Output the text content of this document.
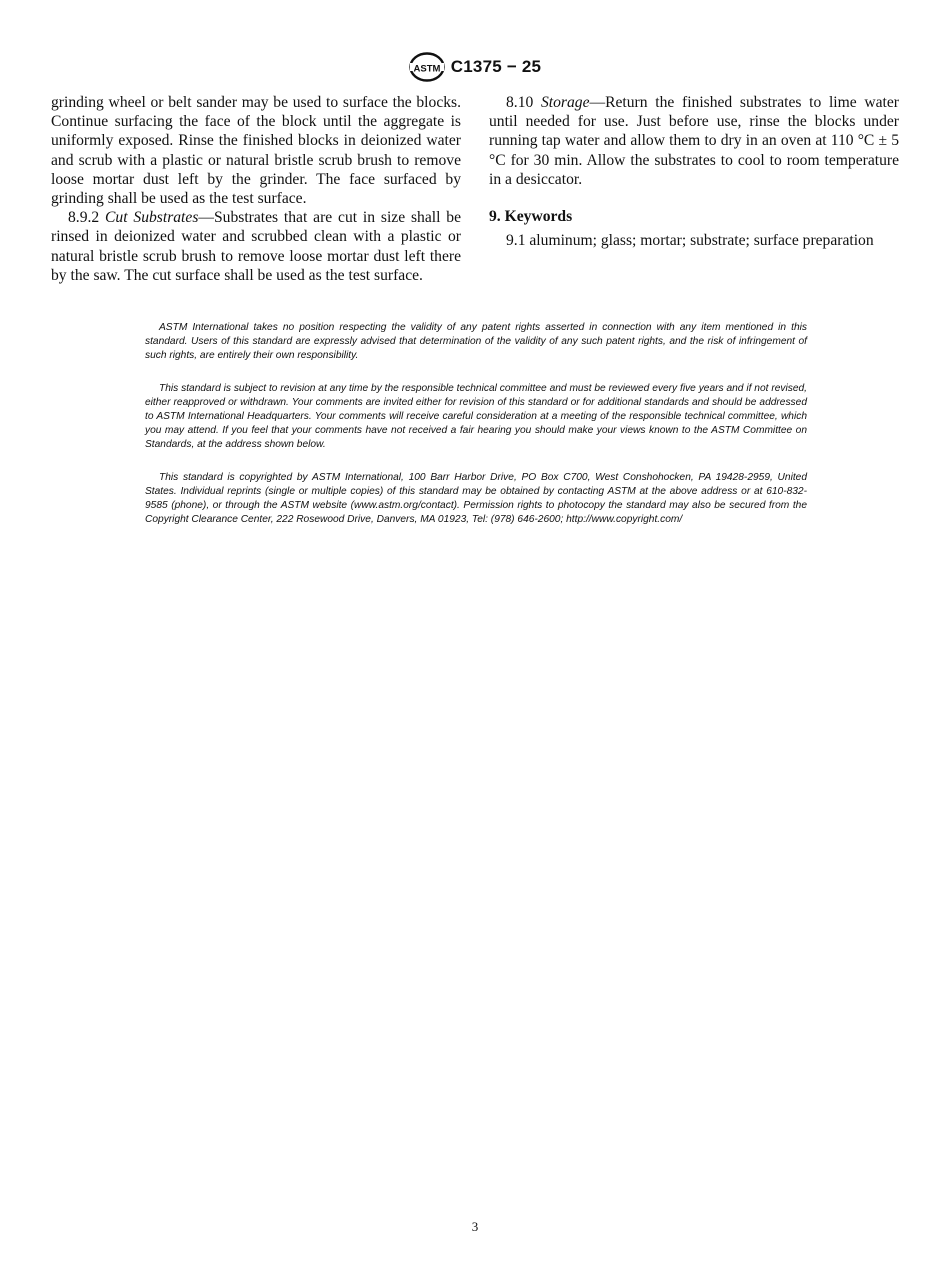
ASTM C1375 − 25

grinding wheel or belt sander may be used to surface the blocks. Continue surfacing the face of the block until the aggregate is uniformly exposed. Rinse the finished blocks in deionized water and scrub with a plastic or natural bristle scrub brush to remove loose mortar dust left by the grinder. The face surfaced by grinding shall be used as the test surface.

8.9.2 Cut Substrates—Substrates that are cut in size shall be rinsed in deionized water and scrubbed clean with a plastic or natural bristle scrub brush to remove loose mortar dust left there by the saw. The cut surface shall be used as the test surface.

8.10 Storage—Return the finished substrates to lime water until needed for use. Just before use, rinse the blocks under running tap water and allow them to dry in an oven at 110 °C ± 5 °C for 30 min. Allow the substrates to cool to room temperature in a desiccator.

9. Keywords

9.1 aluminum; glass; mortar; substrate; surface preparation

ASTM International takes no position respecting the validity of any patent rights asserted in connection with any item mentioned in this standard. Users of this standard are expressly advised that determination of the validity of any such patent rights, and the risk of infringement of such rights, are entirely their own responsibility.

This standard is subject to revision at any time by the responsible technical committee and must be reviewed every five years and if not revised, either reapproved or withdrawn. Your comments are invited either for revision of this standard or for additional standards and should be addressed to ASTM International Headquarters. Your comments will receive careful consideration at a meeting of the responsible technical committee, which you may attend. If you feel that your comments have not received a fair hearing you should make your views known to the ASTM Committee on Standards, at the address shown below.

This standard is copyrighted by ASTM International, 100 Barr Harbor Drive, PO Box C700, West Conshohocken, PA 19428-2959, United States. Individual reprints (single or multiple copies) of this standard may be obtained by contacting ASTM at the above address or at 610-832-9585 (phone), or through the ASTM website (www.astm.org/contact). Permission rights to photocopy the standard may also be secured from the Copyright Clearance Center, 222 Rosewood Drive, Danvers, MA 01923, Tel: (978) 646-2600; http://www.copyright.com/

3
